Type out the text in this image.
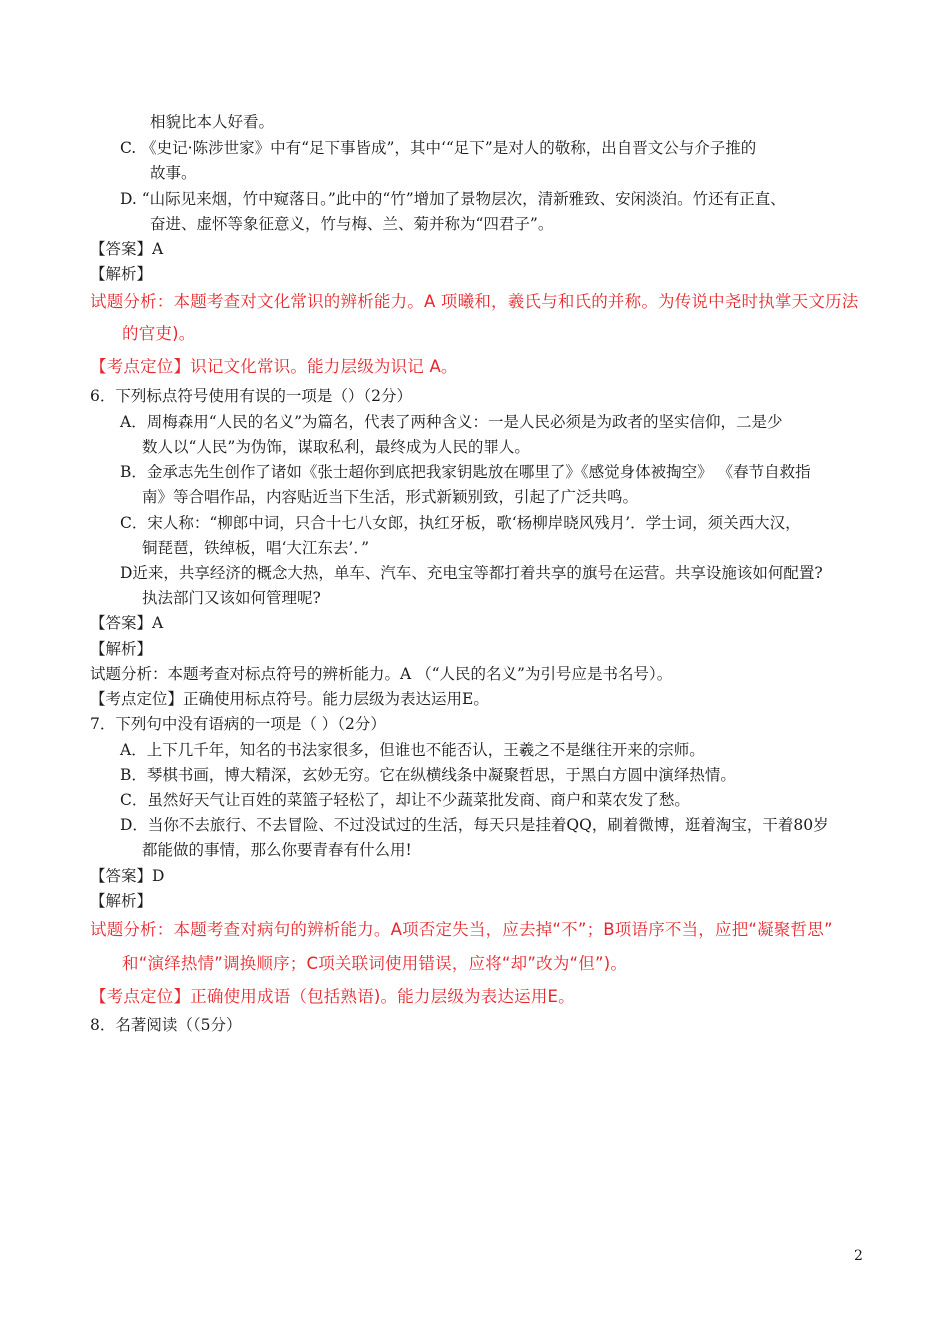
相貌比本人好看。
C. 《史记·陈涉世家》中有“足下事皆成”，其中‘“足下”是对人的敬称，出自晋文公与介子推的
故事。
D. “山际见来烟，竹中窥落日。”此中的“竹”增加了景物层次，清新雅致、安闲淡泊。竹还有正直、
奋进、虚怀等象征意义，竹与梅、兰、菊并称为“四君子”。
【答案】A
【解析】
试题分析：本题考查对文化常识的辨析能力。A 项曦和，羲氏与和氏的并称。为传说中尧时执掌天文历法
的官吏)。
【考点定位】识记文化常识。能力层级为识记 A。
6．下列标点符号使用有误的一项是（）（2分）
A．周梅森用“人民的名义”为篇名，代表了两种含义：一是人民必须是为政者的坚实信仰，二是少
数人以“人民”为伪饰，谋取私利，最终成为人民的罪人。
B．金承志先生创作了诸如《张士超你到底把我家钥匙放在哪里了》《感觉身体被掏空》 《春节自救指
南》等合唱作品，内容贴近当下生活，形式新颖别致，引起了广泛共鸣。
C．宋人称：“柳郎中词，只合十七八女郎，执红牙板，歌‘杨柳岸晓风残月’．学士词，须关西大汉，
铜琵琶，铁绰板，唱‘大江东去’．”
D近来，共享经济的概念大热，单车、汽车、充电宝等都打着共享的旗号在运营。共享设施该如何配置?
执法部门又该如何管理呢?
【答案】A
【解析】
试题分析：本题考查对标点符号的辨析能力。A （“人民的名义”为引号应是书名号）。
【考点定位】正确使用标点符号。能力层级为表达运用E。
7．下列句中没有语病的一项是（ ）（2分）
A．上下几千年，知名的书法家很多，但谁也不能否认，王羲之不是继往开来的宗师。
B．琴棋书画，博大精深，玄妙无穷。它在纵横线条中凝聚哲思，于黑白方圆中演绎热情。
C．虽然好天气让百姓的菜篮子轻松了，却让不少蔬菜批发商、商户和菜农发了愁。
D．当你不去旅行、不去冒险、不过没试过的生活，每天只是挂着QQ，刷着微博，逛着淘宝，干着80岁
都能做的事情，那么你要青春有什么用!
【答案】D
【解析】
试题分析：本题考查对病句的辨析能力。A项否定失当，应去掉“不”；B项语序不当，应把“凝聚哲思”
和“演绎热情”调换顺序；C项关联词使用错误，应将“却”改为“但”)。
【考点定位】正确使用成语（包括熟语)。能力层级为表达运用E。
8．名著阅读（（5分）
2
